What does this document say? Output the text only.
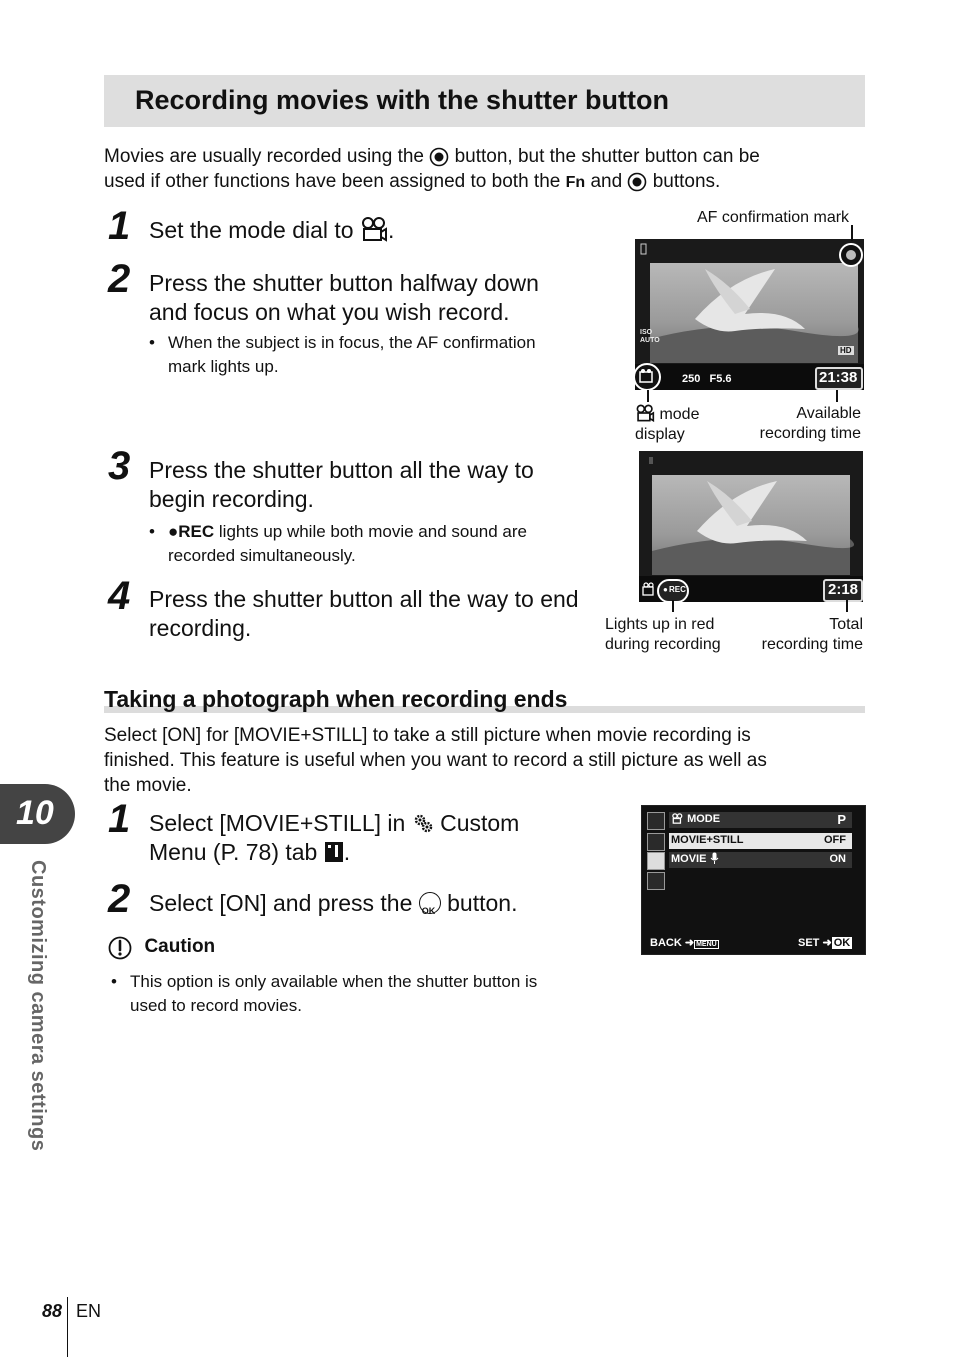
Recording movies with the shutter button
Movies are usually recorded using the button, but the shutter button can be
used if other functions have been assigned to both the Fn and buttons.
1 Set the mode dial to .
2 Press the shutter button halfway down
and focus on what you wish record.
• When the subject is in focus, the AF confirmation
mark lights up.
3 Press the shutter button all the way to
begin recording.
• ●REC lights up while both movie and sound are
recorded simultaneously.
4 Press the shutter button all the way to end
recording.
AF confirmation mark
ISO
AUTO
HD
250 F5.6	21:38
mode
display
Available
recording time
● REC	2:18
Lights up in red
during recording
Total
recording time
Taking a photograph when recording ends
Select [ON] for [MOVIE+STILL] to take a still picture when movie recording is
finished. This feature is useful when you want to record a still picture as well as
the movie.
1 Select [MOVIE+STILL] in Custom
Menu (P. 78) tab .
2 Select [ON] and press the OK button.
Caution
• This option is only available when the shutter button is
used to record movies.
MODE	P
MOVIE+STILL	OFF
MOVIE	ON
BACK ➜ MENU	SET ➜ OK
10
Customizing camera settings
88 EN
